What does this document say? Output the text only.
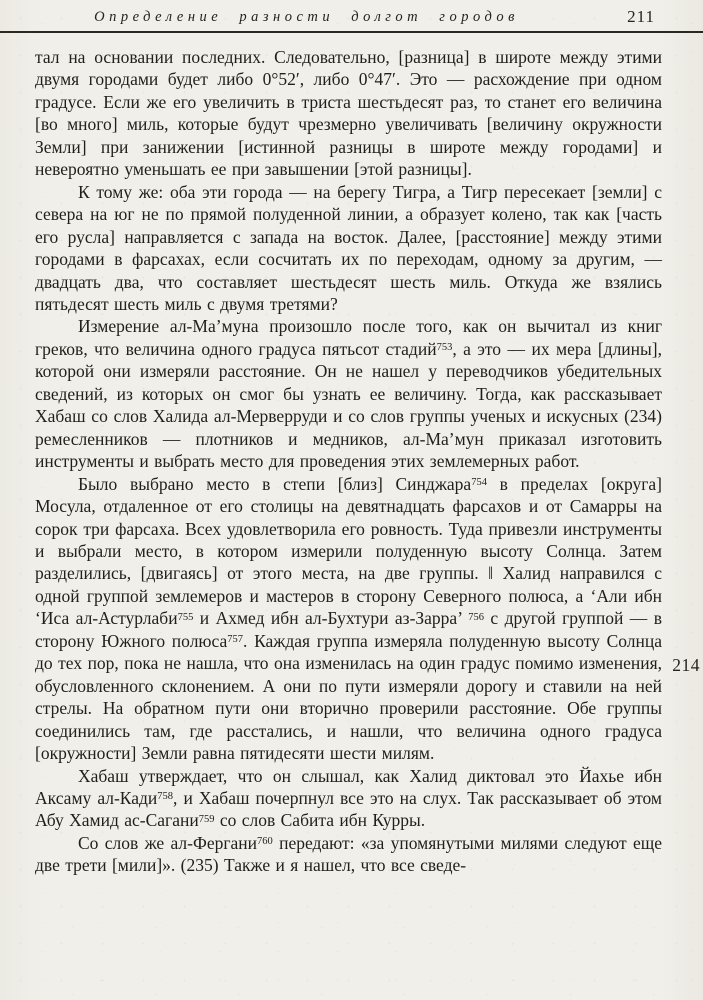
Определение разности долгот городов	211

тал на основании последних. Следовательно, [разница] в широте между этими двумя городами будет либо 0°52′, либо 0°47′. Это — расхождение при одном градусе. Если же его увеличить в триста шестьдесят раз, то станет его величина [во много] миль, которые будут чрезмерно увеличивать [величину окружности Земли] при занижении [истинной разницы в широте между городами] и невероятно уменьшать ее при завышении [этой разницы].

К тому же: оба эти города — на берегу Тигра, а Тигр пересекает [земли] с севера на юг не по прямой полуденной линии, а образует колено, так как [часть его русла] направляется с запада на восток. Далее, [расстояние] между этими городами в фарсахах, если сосчитать их по переходам, одному за другим, — двадцать два, что составляет шестьдесят шесть миль. Откуда же взялись пятьдесят шесть миль с двумя третями?

Измерение ал-Ма’муна произошло после того, как он вычитал из книг греков, что величина одного градуса пятьсот стадий$^{753}$, а это — их мера [длины], которой они измеряли расстояние. Он не нашел у переводчиков убедительных сведений, из которых он смог бы узнать ее величину. Тогда, как рассказывает Хабаш со слов Халида ал-Мерверруди и со слов группы ученых и искусных (234) ремесленников — плотников и медников, ал-Ма’мун приказал изготовить инструменты и выбрать место для проведения этих землемерных работ.

Было выбрано место в степи [близ] Синджара$^{754}$ в пределах [округа] Мосула, отдаленное от его столицы на девятнадцать фарсахов и от Самарры на сорок три фарсаха. Всех удовлетворила его ровность. Туда привезли инструменты и выбрали место, в котором измерили полуденную высоту Солнца. Затем разделились, [двигаясь] от этого места, на две группы. ‖ Халид направился с одной группой землемеров и мастеров в сторону Северного полюса, а ‘Али ибн ‘Иса ал-Астурлаби$^{755}$ и Ахмед ибн ал-Бухтури аз-Зарра’ $^{756}$ с другой группой — в сторону Южного полюса$^{757}$. Каждая группа измеряла полуденную высоту Солнца до тех пор, пока не нашла, что она изменилась на один градус помимо изменения, обусловленного склонением. А они по пути измеряли дорогу и ставили на ней стрелы. На обратном пути они вторично проверили расстояние. Обе группы соединились там, где расстались, и нашли, что величина одного градуса [окружности] Земли равна пятидесяти шести милям.

Хабаш утверждает, что он слышал, как Халид диктовал это Йахье ибн Аксаму ал-Кади$^{758}$, и Хабаш почерпнул все это на слух. Так рассказывает об этом Абу Хамид ас-Сагани$^{759}$ со слов Сабита ибн Курры.

Со слов же ал-Фергани$^{760}$ передают: «за упомянутыми милями следуют еще две трети [мили]». (235) Также и я нашел, что все сведе-

214
